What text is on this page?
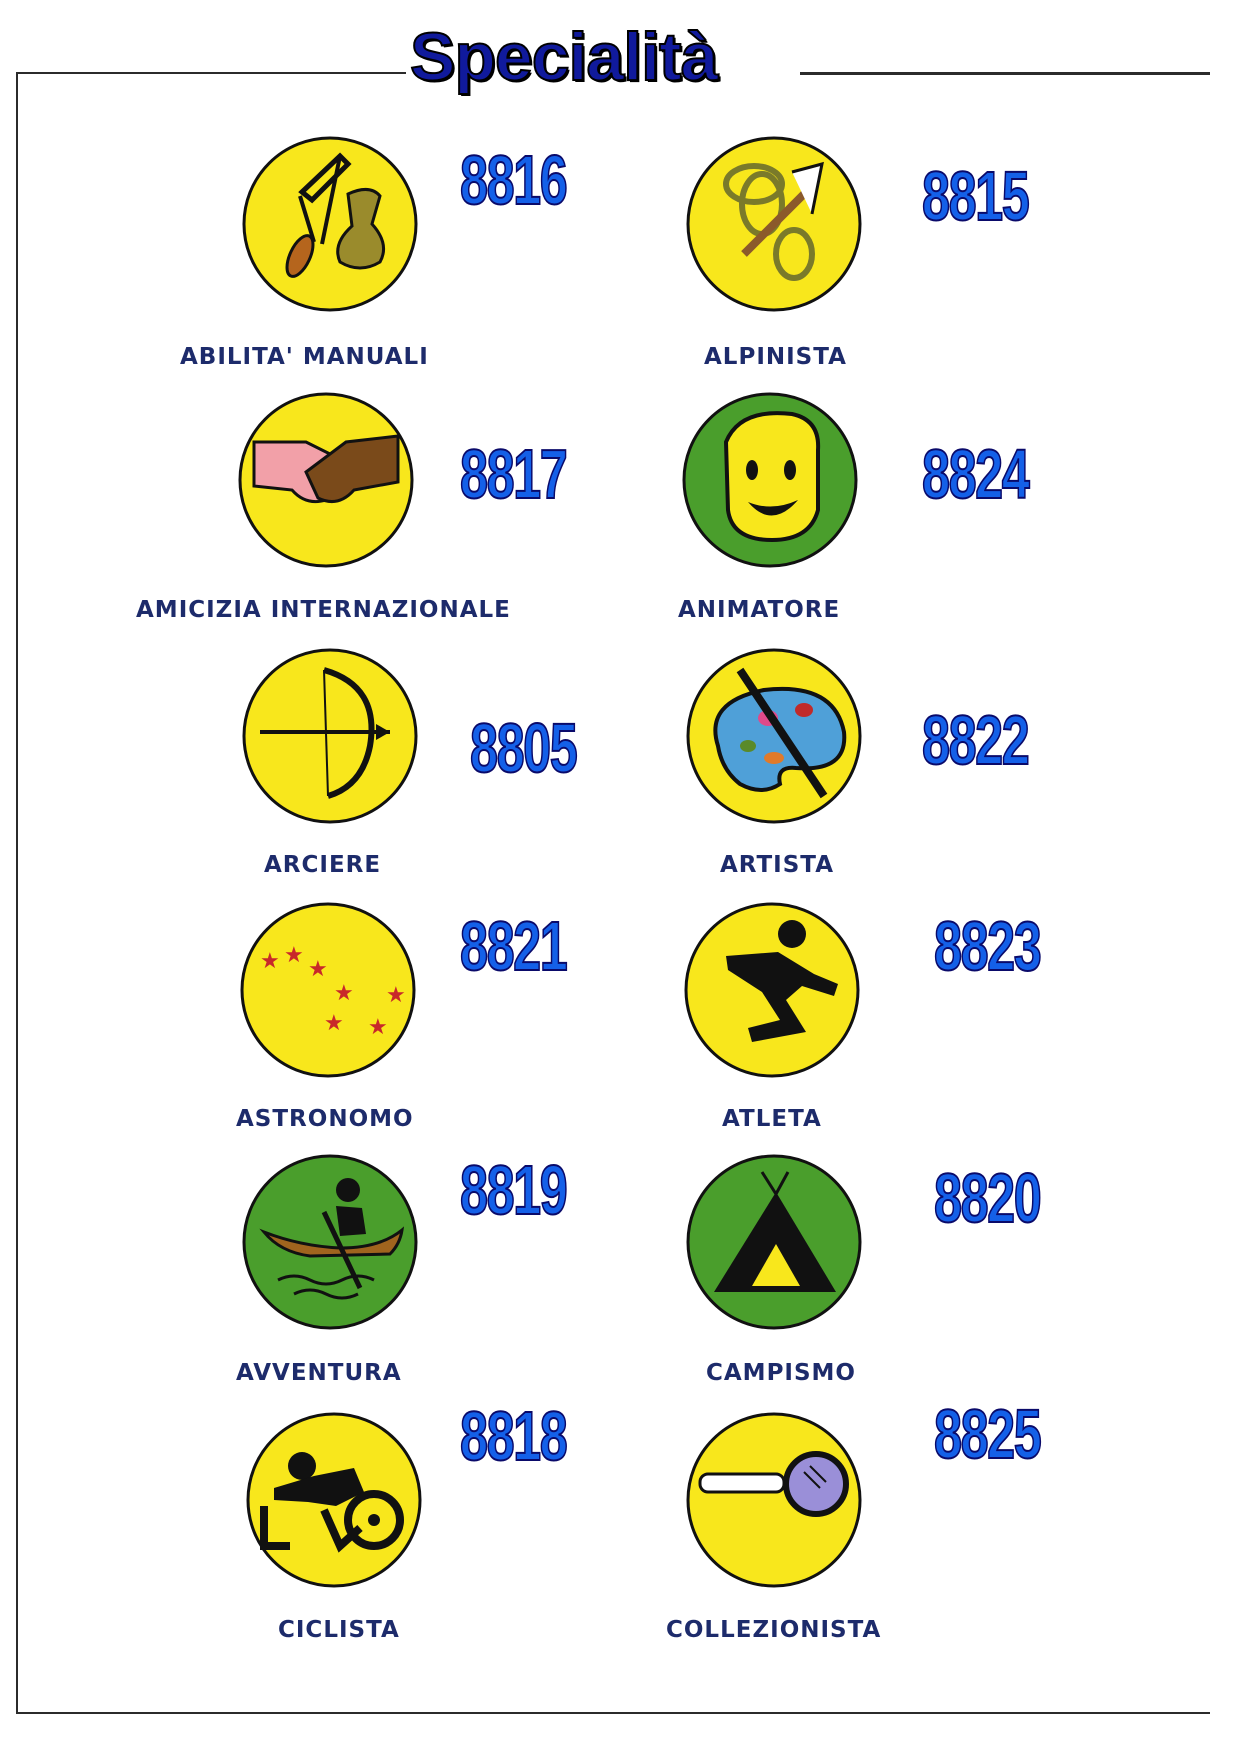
Specialità
8816
ABILITA' MANUALI
8815
ALPINISTA
8817
AMICIZIA INTERNAZIONALE
8824
ANIMATORE
8805
ARCIERE
8822
ARTISTA
★ ★
★
★ ★
★ ★
8821
ASTRONOMO
8823
ATLETA
8819
AVVENTURA
8820
CAMPISMO
8818
CICLISTA
8825
COLLEZIONISTA
